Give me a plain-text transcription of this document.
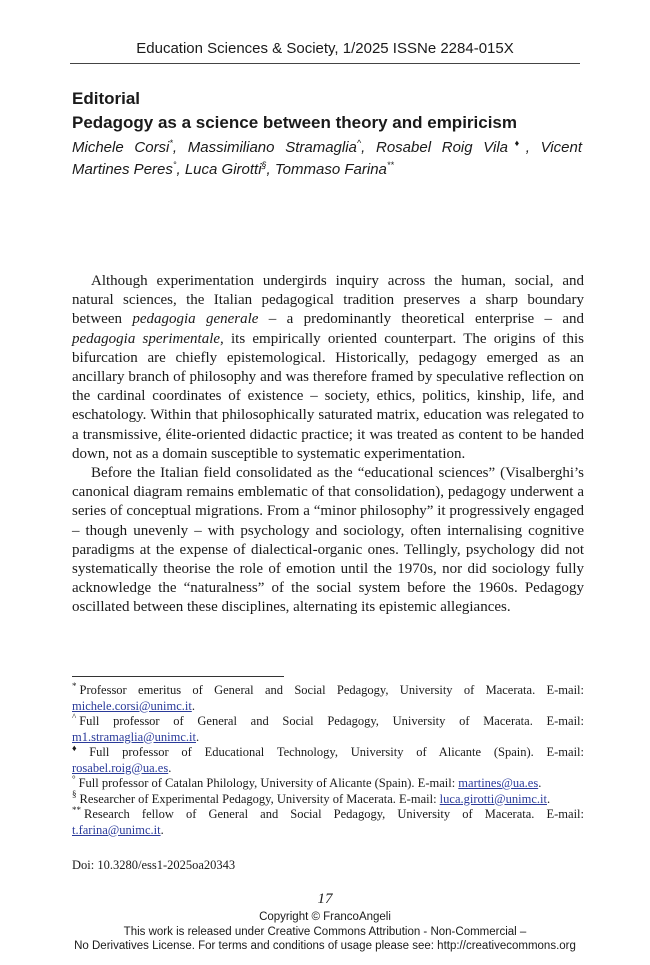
Education Sciences & Society, 1/2025 ISSNe 2284-015X
Editorial
Pedagogy as a science between theory and empiricism
Michele Corsi*, Massimiliano Stramaglia^, Rosabel Roig Vila♦, Vicent Martines Peres°, Luca Girotti§, Tommaso Farina**

Although experimentation undergirds inquiry across the human, social, and natural sciences, the Italian pedagogical tradition preserves a sharp boundary between pedagogia generale – a predominantly theoretical enterprise – and pedagogia sperimentale, its empirically oriented counterpart. The origins of this bifurcation are chiefly epistemological. Historically, pedagogy emerged as an ancillary branch of philosophy and was therefore framed by speculative reflection on the cardinal coordinates of existence – society, ethics, politics, kinship, life, and eschatology. Within that philosophically saturated matrix, education was relegated to a transmissive, élite-oriented didactic practice; it was treated as content to be handed down, not as a domain susceptible to systematic experimentation.

Before the Italian field consolidated as the “educational sciences” (Visalberghi’s canonical diagram remains emblematic of that consolidation), pedagogy underwent a series of conceptual migrations. From a “minor philosophy” it progressively engaged – though unevenly – with psychology and sociology, often internalising cognitive paradigms at the expense of dialectical-organic ones. Tellingly, psychology did not systematically theorise the role of emotion until the 1970s, nor did sociology fully acknowledge the “naturalness” of the social system before the 1960s. Pedagogy oscillated between these disciplines, alternating its epistemic allegiances.

* Professor emeritus of General and Social Pedagogy, University of Macerata. E-mail: michele.corsi@unimc.it.

^ Full professor of General and Social Pedagogy, University of Macerata. E-mail: m1.stramaglia@unimc.it.

♦ Full professor of Educational Technology, University of Alicante (Spain). E-mail: rosabel.roig@ua.es.

° Full professor of Catalan Philology, University of Alicante (Spain). E-mail: martines@ua.es.

§ Researcher of Experimental Pedagogy, University of Macerata. E-mail: luca.girotti@unimc.it.

** Research fellow of General and Social Pedagogy, University of Macerata. E-mail: t.farina@unimc.it.

Doi: 10.3280/ess1-2025oa20343
17
Copyright © FrancoAngeli
This work is released under Creative Commons Attribution - Non-Commercial –
No Derivatives License. For terms and conditions of usage please see: http://creativecommons.org
